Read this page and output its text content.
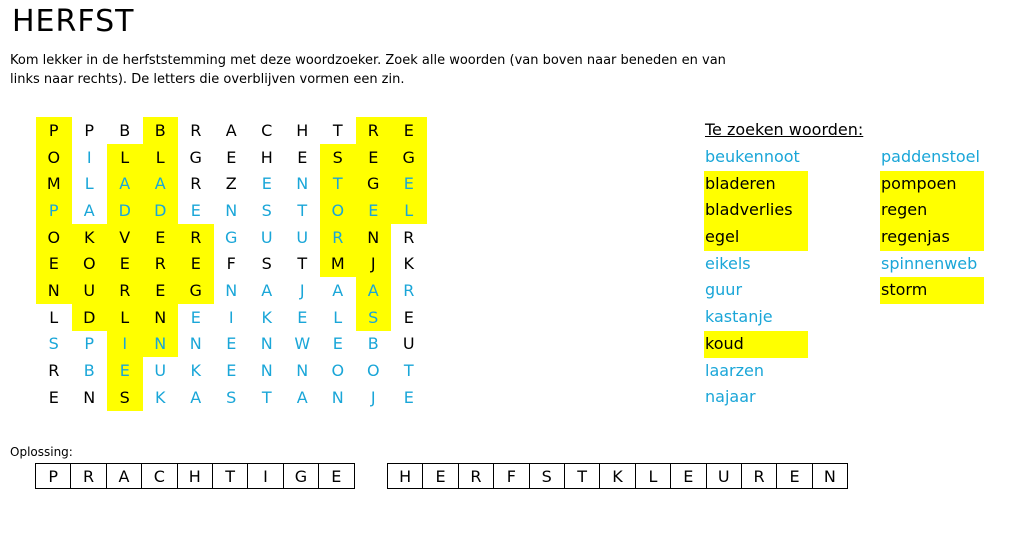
HERFST

Kom lekker in de herfststemming met deze woordzoeker. Zoek alle woorden (van boven naar beneden en van links naar rechts). De letters die overblijven vormen een zin.

P	P	B	B	R	A	C	H	T	R	E
O	I	L	L	G	E	H	E	S	E	G
M	L	A	A	R	Z	E	N	T	G	E
P	A	D	D	E	N	S	T	O	E	L
O	K	V	E	R	G	U	U	R	N	R
E	O	E	R	E	F	S	T	M	J	K
N	U	R	E	G	N	A	J	A	A	R
L	D	L	N	E	I	K	E	L	S	E
S	P	I	N	N	E	N	W	E	B	U
R	B	E	U	K	E	N	N	O	O	T
E	N	S	K	A	S	T	A	N	J	E
Te zoeken woorden:
beukennoot
bladeren
bladverlies
egel
eikels
guur
kastanje
koud
laarzen
najaar
paddenstoel
pompoen
regen
regenjas
spinnenweb
storm
Oplossing:
P	R	A	C	H	T	I	G	E	H	E	R	F	S	T	K	L	E	U	R	E	N
